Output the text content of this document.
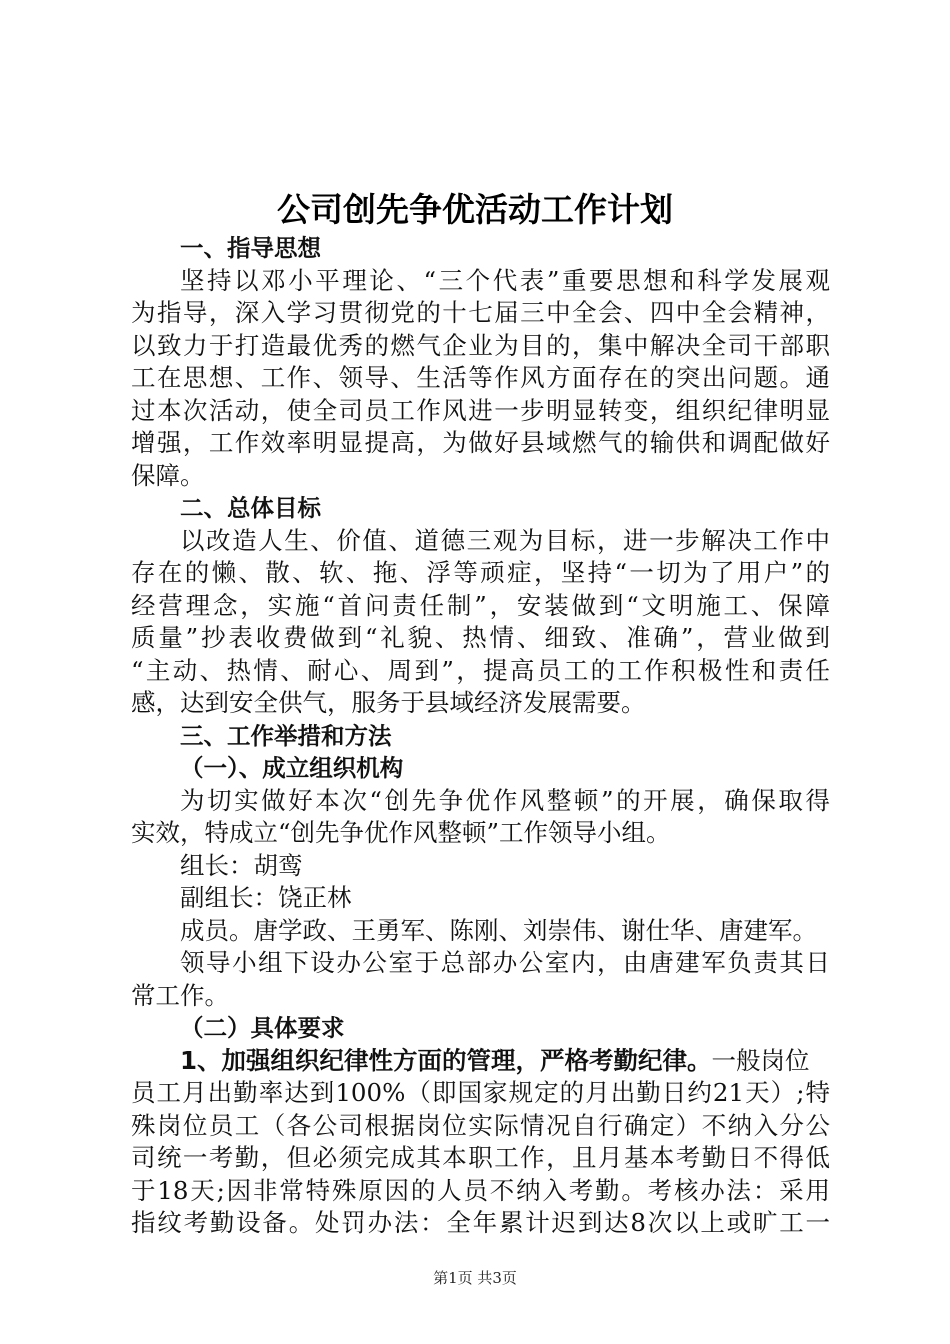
公司创先争优活动工作计划
一、指导思想
坚持以邓小平理论、“三个代表”重要思想和科学发展观
为指导，深入学习贯彻党的十七届三中全会、四中全会精神，
以致力于打造最优秀的燃气企业为目的，集中解决全司干部职
工在思想、工作、领导、生活等作风方面存在的突出问题。通
过本次活动，使全司员工作风进一步明显转变，组织纪律明显
增强，工作效率明显提高，为做好县域燃气的输供和调配做好
保障。
二、总体目标
以改造人生、价值、道德三观为目标，进一步解决工作中
存在的懒、散、软、拖、浮等顽症，坚持“一切为了用户”的
经营理念，实施“首问责任制”，安装做到“文明施工、保障
质量”抄表收费做到“礼貌、热情、细致、准确”，营业做到
“主动、热情、耐心、周到”，提高员工的工作积极性和责任
感，达到安全供气，服务于县域经济发展需要。
三、工作举措和方法
（一）、成立组织机构
为切实做好本次“创先争优作风整顿”的开展，确保取得
实效，特成立“创先争优作风整顿”工作领导小组。
组长：胡鸾
副组长：饶正林
成员。唐学政、王勇军、陈刚、刘崇伟、谢仕华、唐建军。
领导小组下设办公室于总部办公室内，由唐建军负责其日
常工作。
（二）具体要求
1、加强组织纪律性方面的管理，严格考勤纪律。一般岗位
员工月出勤率达到100%（即国家规定的月出勤日约21天）;特
殊岗位员工（各公司根据岗位实际情况自行确定）不纳入分公
司统一考勤，但必须完成其本职工作，且月基本考勤日不得低
于18天;因非常特殊原因的人员不纳入考勤。考核办法：采用
指纹考勤设备。处罚办法：全年累计迟到达8次以上或旷工一
第1页 共3页
